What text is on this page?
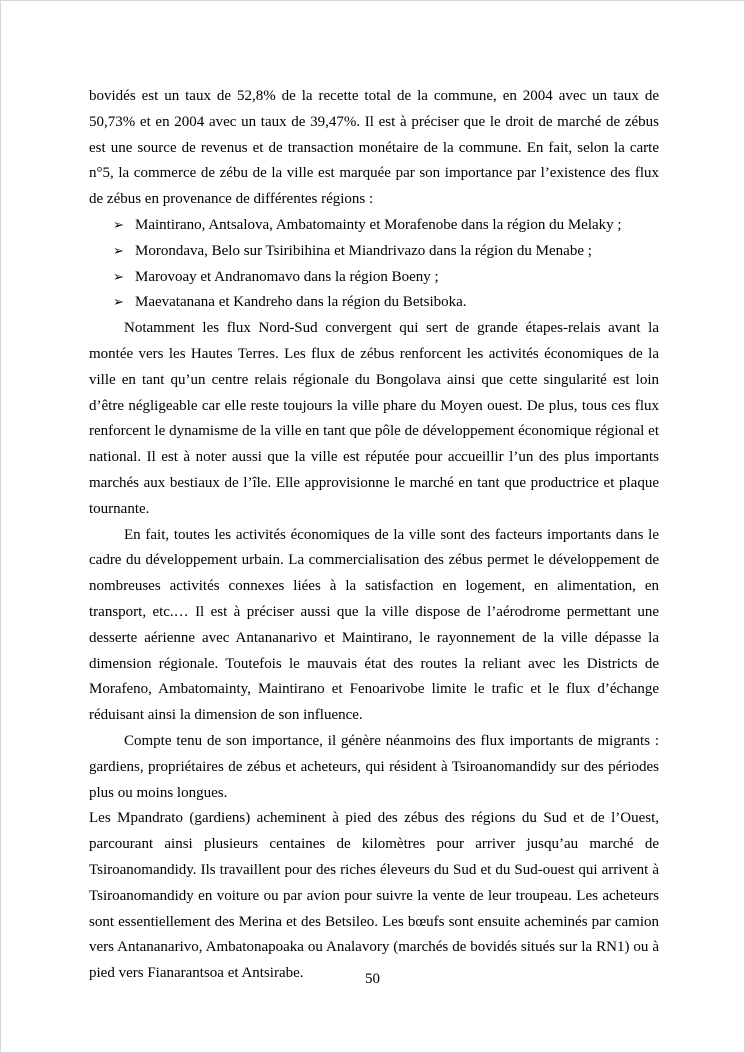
bovidés est un taux de 52,8% de la recette total de la commune, en 2004 avec un taux de 50,73% et en 2004 avec un taux de 39,47%. Il est à préciser que le droit de marché de zébus est une source de revenus et de transaction monétaire de la commune. En fait, selon la carte n°5, la commerce de zébu de la ville est marquée par son importance par l’existence des flux de zébus en provenance de différentes régions :

➢ Maintirano, Antsalova, Ambatomainty et Morafenobe dans la région du Melaky ;
➢ Morondava, Belo sur Tsiribihina et Miandrivazo dans la région du Menabe ;
➢ Marovoay et Andranomavo dans la région Boeny ;
➢ Maevatanana et Kandreho dans la région du Betsiboka.

Notamment les flux Nord-Sud convergent qui sert de grande étapes-relais avant la montée vers les Hautes Terres. Les flux de zébus renforcent les activités économiques de la ville en tant qu’un centre relais régionale du Bongolava ainsi que cette singularité est loin d’être négligeable car elle reste toujours la ville phare du Moyen ouest. De plus, tous ces flux renforcent le dynamisme de la ville en tant que pôle de développement économique régional et national. Il est à noter aussi que la ville est réputée pour accueillir l’un des plus importants marchés aux bestiaux de l’île. Elle approvisionne le marché en tant que productrice et plaque tournante.

En fait, toutes les activités économiques de la ville sont des facteurs importants dans le cadre du développement urbain. La commercialisation des zébus permet le développement de nombreuses activités connexes liées à la satisfaction en logement, en alimentation, en transport, etc.… Il est à préciser aussi que la ville dispose de l’aérodrome permettant une desserte aérienne avec Antananarivo et Maintirano, le rayonnement de la ville dépasse la dimension régionale. Toutefois le mauvais état des routes la reliant avec les Districts de Morafeno, Ambatomainty, Maintirano et Fenoarivobe limite le trafic et le flux d’échange réduisant ainsi la dimension de son influence.

Compte tenu de son importance, il génère néanmoins des flux importants de migrants : gardiens, propriétaires de zébus et acheteurs, qui résident à Tsiroanomandidy sur des périodes plus ou moins longues.

Les Mpandrato (gardiens) acheminent à pied des zébus des régions du Sud et de l’Ouest, parcourant ainsi plusieurs centaines de kilomètres pour arriver jusqu’au marché de Tsiroanomandidy. Ils travaillent pour des riches éleveurs du Sud et du Sud-ouest qui arrivent à Tsiroanomandidy en voiture ou par avion pour suivre la vente de leur troupeau. Les acheteurs sont essentiellement des Merina et des Betsileo. Les bœufs sont ensuite acheminés par camion vers Antananarivo, Ambatonapoaka ou Analavory (marchés de bovidés situés sur la RN1) ou à pied vers Fianarantsoa et Antsirabe.	50
